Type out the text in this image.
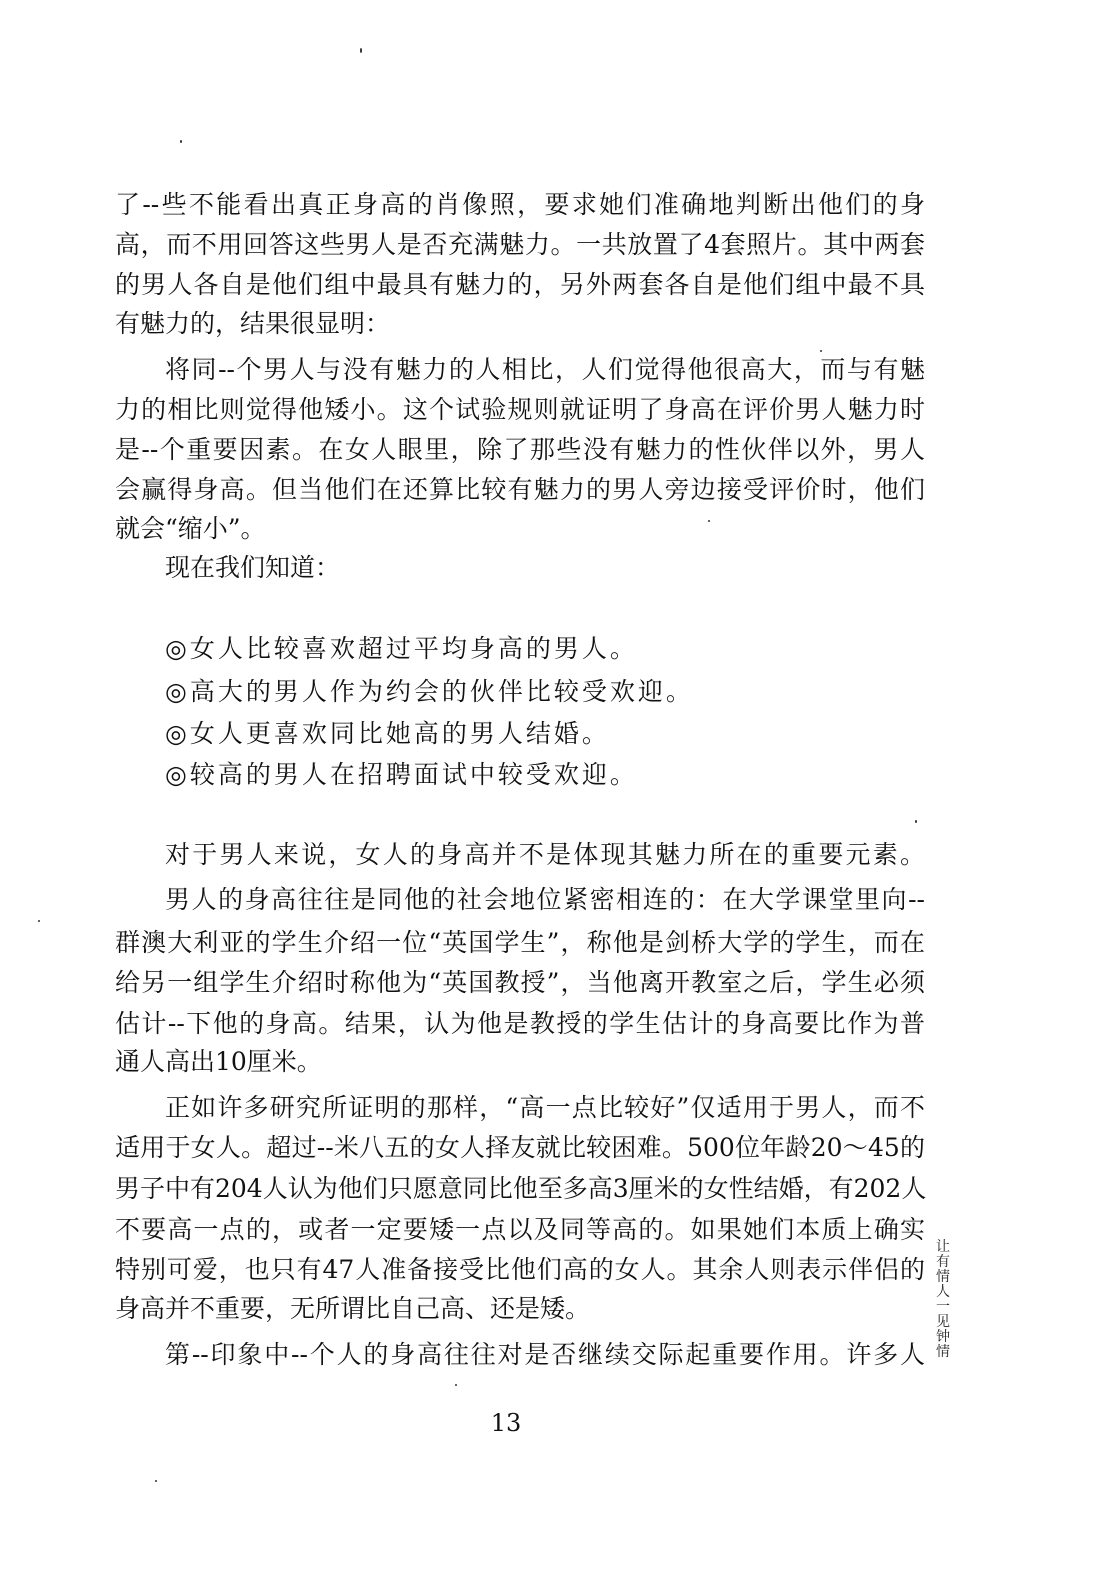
了--些不能看出真正身高的肖像照，要求她们准确地判断出他们的身
高，而不用回答这些男人是否充满魅力。一共放置了4套照片。其中两套
的男人各自是他们组中最具有魅力的，另外两套各自是他们组中最不具
有魅力的，结果很显明：
将同--个男人与没有魅力的人相比，人们觉得他很高大，而与有魅
力的相比则觉得他矮小。这个试验规则就证明了身高在评价男人魅力时
是--个重要因素。在女人眼里，除了那些没有魅力的性伙伴以外，男人
会赢得身高。但当他们在还算比较有魅力的男人旁边接受评价时，他们
就会“缩小”。
现在我们知道：
◎女人比较喜欢超过平均身高的男人。
◎高大的男人作为约会的伙伴比较受欢迎。
◎女人更喜欢同比她高的男人结婚。
◎较高的男人在招聘面试中较受欢迎。
对于男人来说，女人的身高并不是体现其魅力所在的重要元素。
男人的身高往往是同他的社会地位紧密相连的：在大学课堂里向--
群澳大利亚的学生介绍一位“英国学生”，称他是剑桥大学的学生，而在
给另一组学生介绍时称他为“英国教授”，当他离开教室之后，学生必须
估计--下他的身高。结果，认为他是教授的学生估计的身高要比作为普
通人高出10厘米。
正如许多研究所证明的那样，“高一点比较好”仅适用于男人，而不
适用于女人。超过--米八五的女人择友就比较困难。500位年龄20～45的
男子中有204人认为他们只愿意同比他至多高3厘米的女性结婚，有202人
不要高一点的，或者一定要矮一点以及同等高的。如果她们本质上确实
特别可爱，也只有47人准备接受比他们高的女人。其余人则表示伴侣的
身高并不重要，无所谓比自己高、还是矮。
第--印象中--个人的身高往往对是否继续交际起重要作用。许多人
13
让有情人一见钟情
